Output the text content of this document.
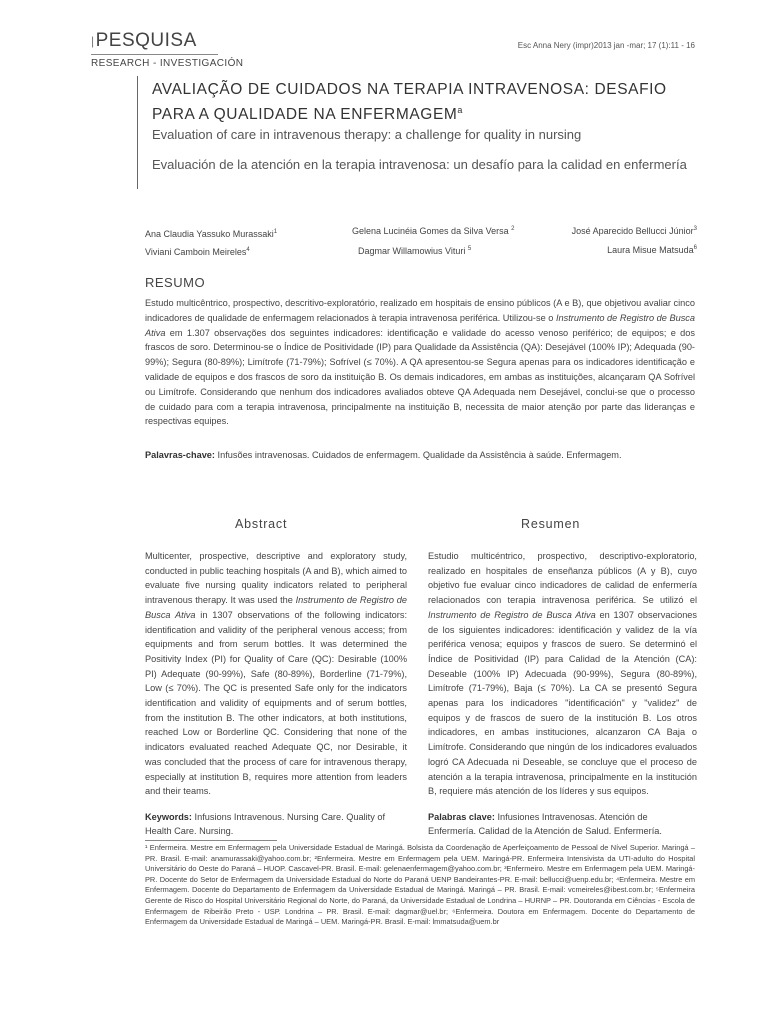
|PESQUISA	Esc Anna Nery (impr)2013 jan -mar; 17 (1):11 - 16
RESEARCH - INVESTIGACIÓN
AVALIAÇÃO DE CUIDADOS NA TERAPIA INTRAVENOSA: DESAFIO PARA A QUALIDADE NA ENFERMAGEM$^a$
Evaluation of care in intravenous therapy: a challenge for quality in nursing
Evaluación de la atención en la terapia intravenosa: un desafío para la calidad en enfermería
Ana Claudia Yassuko Murassaki$^1$	Gelena Lucinéia Gomes da Silva Versa $^2$	José Aparecido Bellucci Júnior$^3$
Viviani Camboin Meireles$^4$	Dagmar Willamowius Vituri $^5$	Laura Misue Matsuda$^6$
RESUMO
Estudo multicêntrico, prospectivo, descritivo-exploratório, realizado em hospitais de ensino públicos (A e B), que objetivou avaliar cinco indicadores de qualidade de enfermagem relacionados à terapia intravenosa periférica. Utilizou-se o Instrumento de Registro de Busca Ativa em 1.307 observações dos seguintes indicadores: identificação e validade do acesso venoso periférico; de equipos; e dos frascos de soro. Determinou-se o Índice de Positividade (IP) para Qualidade da Assistência (QA): Desejável (100% IP); Adequada (90-99%); Segura (80-89%); Limítrofe (71-79%); Sofrível (≤ 70%). A QA apresentou-se Segura apenas para os indicadores identificação e validade de equipos e dos frascos de soro da instituição B. Os demais indicadores, em ambas as instituições, alcançaram QA Sofrível ou Limítrofe. Considerando que nenhum dos indicadores avaliados obteve QA Adequada nem Desejável, conclui-se que o processo de cuidado para com a terapia intravenosa, principalmente na instituição B, necessita de maior atenção por parte das lideranças e respectivas equipes.
Palavras-chave: Infusões intravenosas. Cuidados de enfermagem. Qualidade da Assistência à saúde. Enfermagem.
Abstract	Resumen
Multicenter, prospective, descriptive and exploratory study, conducted in public teaching hospitals (A and B), which aimed to evaluate five nursing quality indicators related to peripheral intravenous therapy. It was used the Instrumento de Registro de Busca Ativa in 1307 observations of the following indicators: identification and validity of the peripheral venous access; from equipments and from serum bottles. It was determined the Positivity Index (PI) for Quality of Care (QC): Desirable (100% PI) Adequate (90-99%), Safe (80-89%), Borderline (71-79%), Low (≤ 70%). The QC is presented Safe only for the indicators identification and validity of equipments and of serum bottles, from the institution B. The other indicators, at both institutions, reached Low or Borderline QC. Considering that none of the indicators evaluated reached Adequate QC, nor Desirable, it was concluded that the process of care for intravenous therapy, especially at institution B, requires more attention from leaders and their teams.
Keywords: Infusions Intravenous. Nursing Care. Quality of Health Care. Nursing.
Estudio multicéntrico, prospectivo, descriptivo-exploratorio, realizado en hospitales de enseñanza públicos (A y B), cuyo objetivo fue evaluar cinco indicadores de calidad de enfermería relacionados con terapia intravenosa periférica. Se utilizó el Instrumento de Registro de Busca Ativa en 1307 observaciones de los siguientes indicadores: identificación y validez de la vía periférica venosa; equipos y frascos de suero. Se determinó el Índice de Positividad (IP) para Calidad de la Atención (CA): Deseable (100% IP) Adecuada (90-99%), Segura (80-89%), Limítrofe (71-79%), Baja (≤ 70%). La CA se presentó Segura apenas para los indicadores "identificación" y "validez" de equipos y de frascos de suero de la institución B. Los otros indicadores, en ambas instituciones, alcanzaron CA Baja o Limítrofe. Considerando que ningún de los indicadores evaluados logró CA Adecuada ni Deseable, se concluye que el proceso de atención a la terapia intravenosa, principalmente en la institución B, requiere más atención de los líderes y sus equipos.
Palabras clave: Infusiones Intravenosas. Atención de Enfermería. Calidad de la Atención de Salud. Enfermería.
¹ Enfermeira. Mestre em Enfermagem pela Universidade Estadual de Maringá. Bolsista da Coordenação de Aperfeiçoamento de Pessoal de Nível Superior. Maringá – PR. Brasil. E-mail: anamurassaki@yahoo.com.br; ²Enfermeira. Mestre em Enfermagem pela UEM. Maringá-PR. Enfermeira Intensivista da UTI-adulto do Hospital Universitário do Oeste do Paraná – HUOP. Cascavel-PR. Brasil. E-mail: gelenaenfermagem@yahoo.com.br; ³Enfermeiro. Mestre em Enfermagem pela UEM. Maringá-PR. Docente do Setor de Enfermagem da Universidade Estadual do Norte do Paraná UENP Bandeirantes-PR. E-mail: bellucci@uenp.edu.br; ⁴Enfermeira. Mestre em Enfermagem. Docente do Departamento de Enfermagem da Universidade Estadual de Maringá. Maringá – PR. Brasil. E-mail: vcmeireles@ibest.com.br; ⁵Enfermeira Gerente de Risco do Hospital Universitário Regional do Norte, do Paraná, da Universidade Estadual de Londrina – HURNP – PR. Doutoranda em Ciências - Escola de Enfermagem de Ribeirão Preto - USP. Londrina – PR. Brasil. E-mail: dagmar@uel.br; ⁶Enfermeira. Doutora em Enfermagem. Docente do Departamento de Enfermagem da Universidade Estadual de Maringá – UEM. Maringá-PR. Brasil. E-mail: lmmatsuda@uem.br
